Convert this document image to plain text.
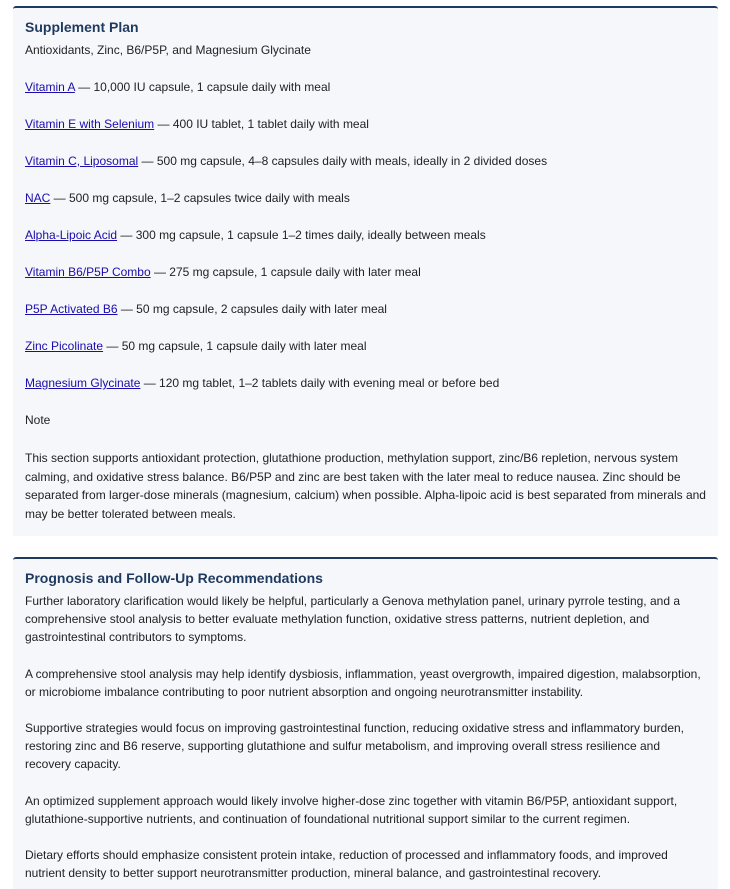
Supplement Plan
Antioxidants, Zinc, B6/P5P, and Magnesium Glycinate
Vitamin A — 10,000 IU capsule, 1 capsule daily with meal
Vitamin E with Selenium — 400 IU tablet, 1 tablet daily with meal
Vitamin C, Liposomal — 500 mg capsule, 4–8 capsules daily with meals, ideally in 2 divided doses
NAC — 500 mg capsule, 1–2 capsules twice daily with meals
Alpha-Lipoic Acid — 300 mg capsule, 1 capsule 1–2 times daily, ideally between meals
Vitamin B6/P5P Combo — 275 mg capsule, 1 capsule daily with later meal
P5P Activated B6 — 50 mg capsule, 2 capsules daily with later meal
Zinc Picolinate — 50 mg capsule, 1 capsule daily with later meal
Magnesium Glycinate — 120 mg tablet, 1–2 tablets daily with evening meal or before bed
Note
This section supports antioxidant protection, glutathione production, methylation support, zinc/B6 repletion, nervous system calming, and oxidative stress balance. B6/P5P and zinc are best taken with the later meal to reduce nausea. Zinc should be separated from larger-dose minerals (magnesium, calcium) when possible. Alpha-lipoic acid is best separated from minerals and may be better tolerated between meals.
Prognosis and Follow-Up Recommendations

Further laboratory clarification would likely be helpful, particularly a Genova methylation panel, urinary pyrrole testing, and a comprehensive stool analysis to better evaluate methylation function, oxidative stress patterns, nutrient depletion, and gastrointestinal contributors to symptoms.

A comprehensive stool analysis may help identify dysbiosis, inflammation, yeast overgrowth, impaired digestion, malabsorption, or microbiome imbalance contributing to poor nutrient absorption and ongoing neurotransmitter instability.

Supportive strategies would focus on improving gastrointestinal function, reducing oxidative stress and inflammatory burden, restoring zinc and B6 reserve, supporting glutathione and sulfur metabolism, and improving overall stress resilience and recovery capacity.

An optimized supplement approach would likely involve higher-dose zinc together with vitamin B6/P5P, antioxidant support, glutathione-supportive nutrients, and continuation of foundational nutritional support similar to the current regimen.

Dietary efforts should emphasize consistent protein intake, reduction of processed and inflammatory foods, and improved nutrient density to better support neurotransmitter production, mineral balance, and gastrointestinal recovery.
